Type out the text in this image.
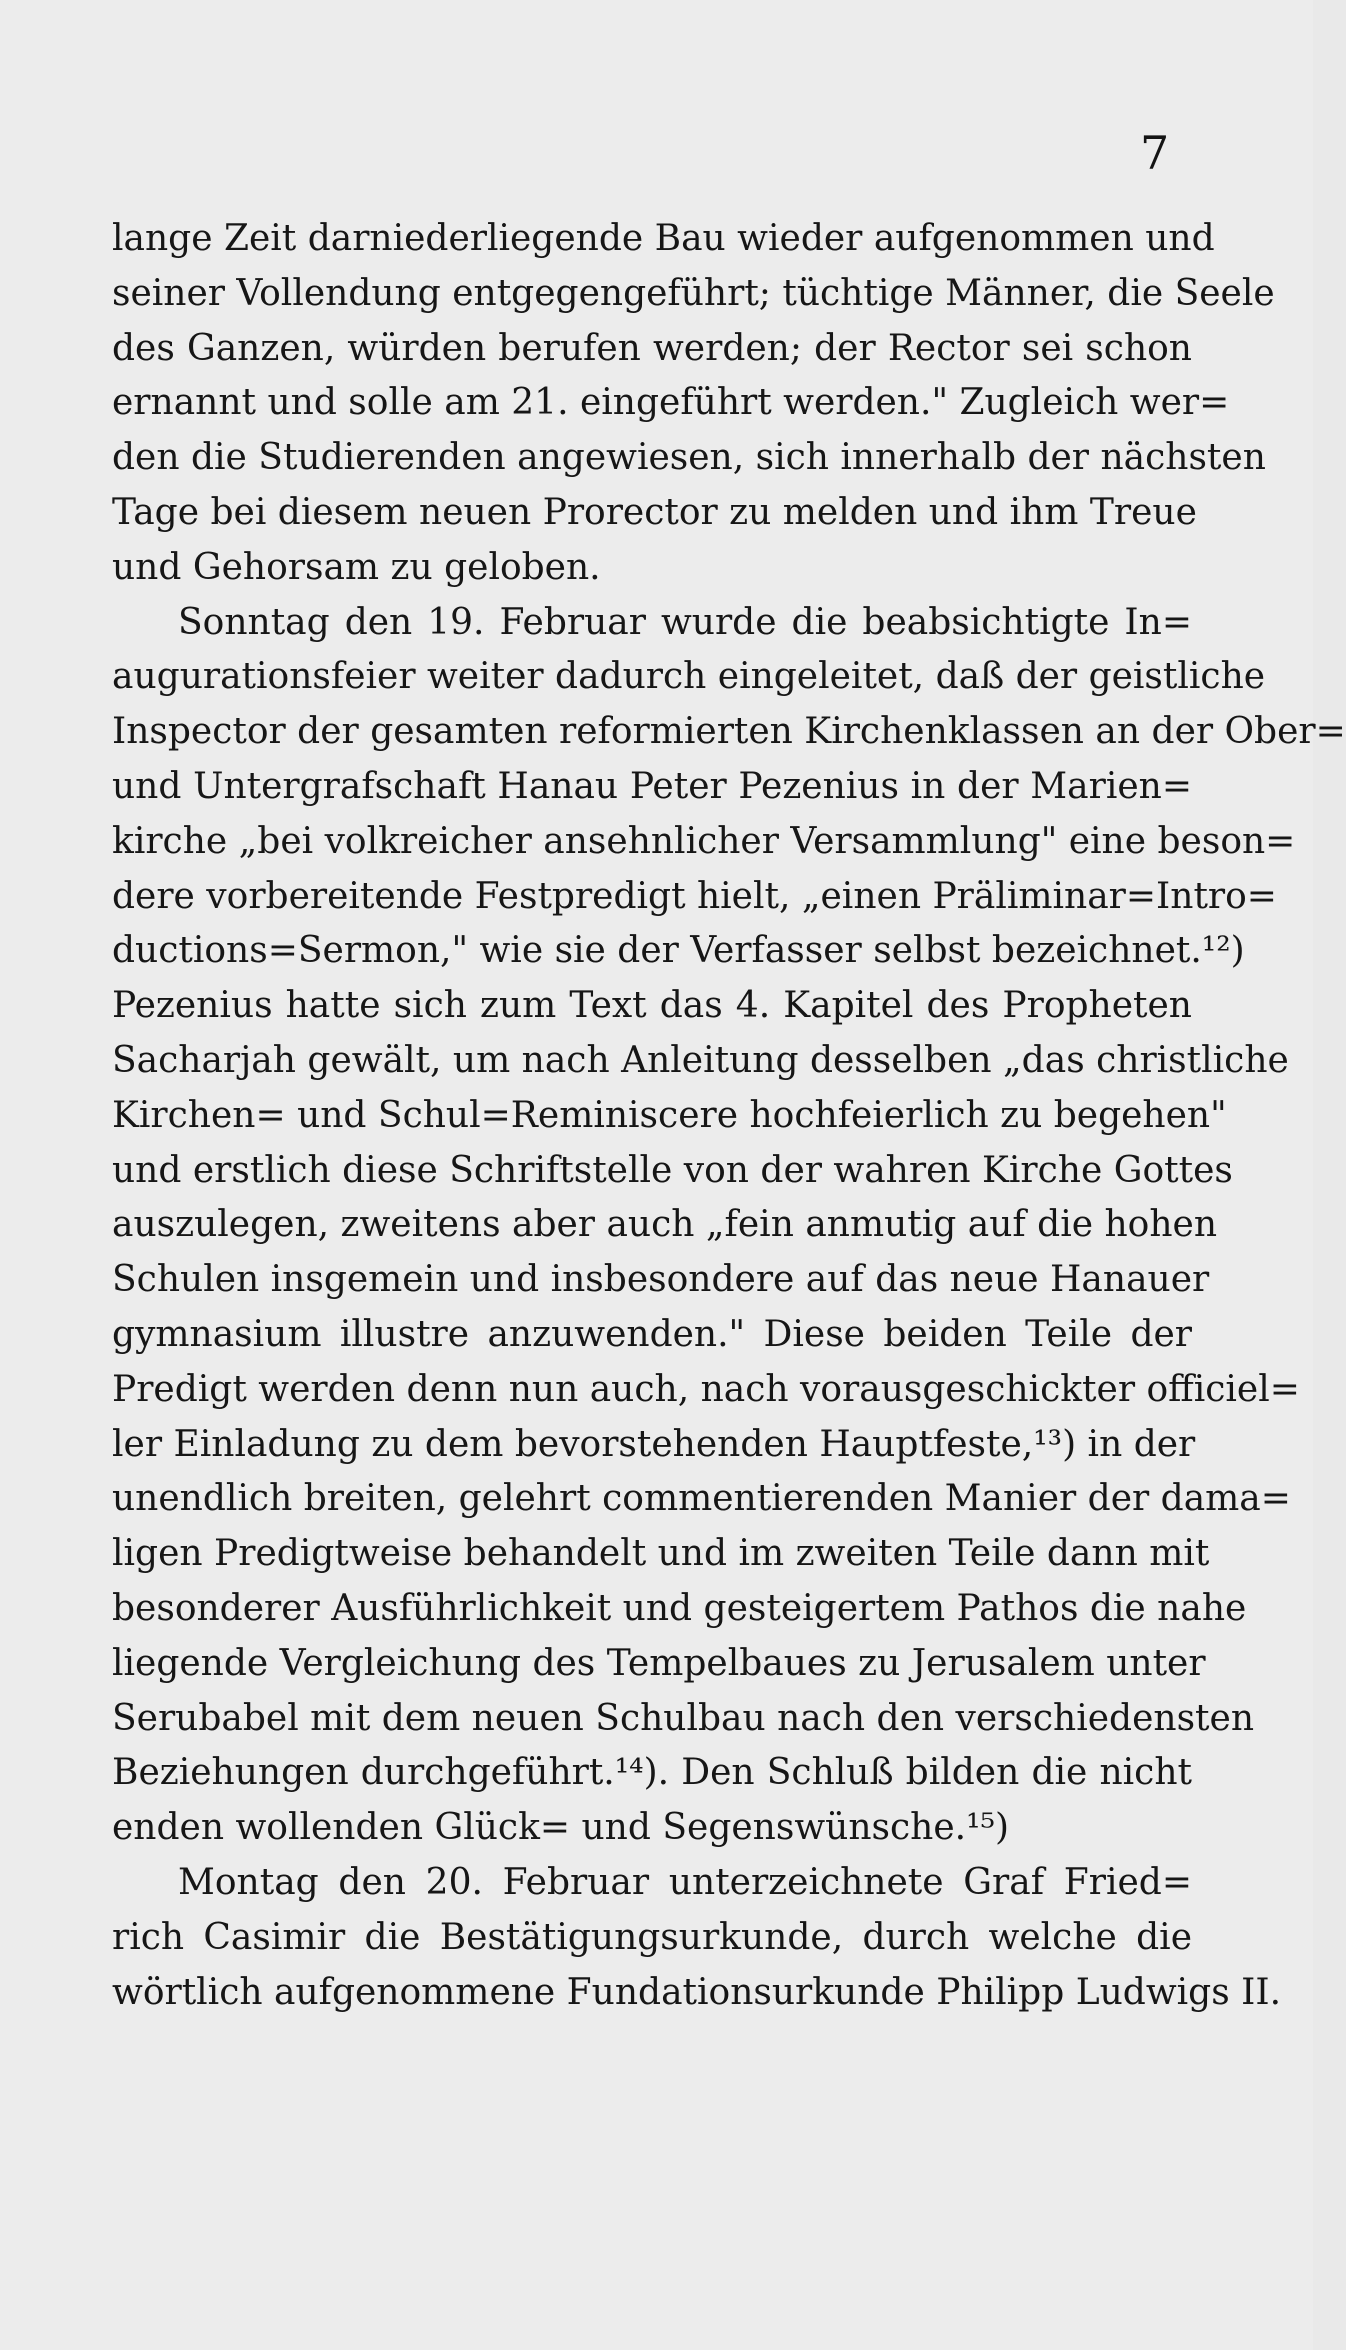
7
lange Zeit darniederliegende Bau wieder aufgenommen und
seiner Vollendung entgegengeführt; tüchtige Männer, die Seele
des Ganzen, würden berufen werden; der Rector sei schon
ernannt und solle am 21. eingeführt werden." Zugleich wer=
den die Studierenden angewiesen, sich innerhalb der nächsten
Tage bei diesem neuen Prorector zu melden und ihm Treue
und Gehorsam zu geloben.
Sonntag den 19. Februar wurde die beabsichtigte In=
augurationsfeier weiter dadurch eingeleitet, daß der geistliche
Inspector der gesamten reformierten Kirchenklassen an der Ober=
und Untergrafschaft Hanau Peter Pezenius in der Marien=
kirche „bei volkreicher ansehnlicher Versammlung" eine beson=
dere vorbereitende Festpredigt hielt, „einen Präliminar=Intro=
ductions=Sermon," wie sie der Verfasser selbst bezeichnet.¹²)
Pezenius hatte sich zum Text das 4. Kapitel des Propheten
Sacharjah gewält, um nach Anleitung desselben „das christliche
Kirchen= und Schul=Reminiscere hochfeierlich zu begehen"
und erstlich diese Schriftstelle von der wahren Kirche Gottes
auszulegen, zweitens aber auch „fein anmutig auf die hohen
Schulen insgemein und insbesondere auf das neue Hanauer
gymnasium illustre anzuwenden." Diese beiden Teile der
Predigt werden denn nun auch, nach vorausgeschickter officiel=
ler Einladung zu dem bevorstehenden Hauptfeste,¹³) in der
unendlich breiten, gelehrt commentierenden Manier der dama=
ligen Predigtweise behandelt und im zweiten Teile dann mit
besonderer Ausführlichkeit und gesteigertem Pathos die nahe
liegende Vergleichung des Tempelbaues zu Jerusalem unter
Serubabel mit dem neuen Schulbau nach den verschiedensten
Beziehungen durchgeführt.¹⁴). Den Schluß bilden die nicht
enden wollenden Glück= und Segenswünsche.¹⁵)
Montag den 20. Februar unterzeichnete Graf Fried=
rich Casimir die Bestätigungsurkunde, durch welche die
wörtlich aufgenommene Fundationsurkunde Philipp Ludwigs II.
